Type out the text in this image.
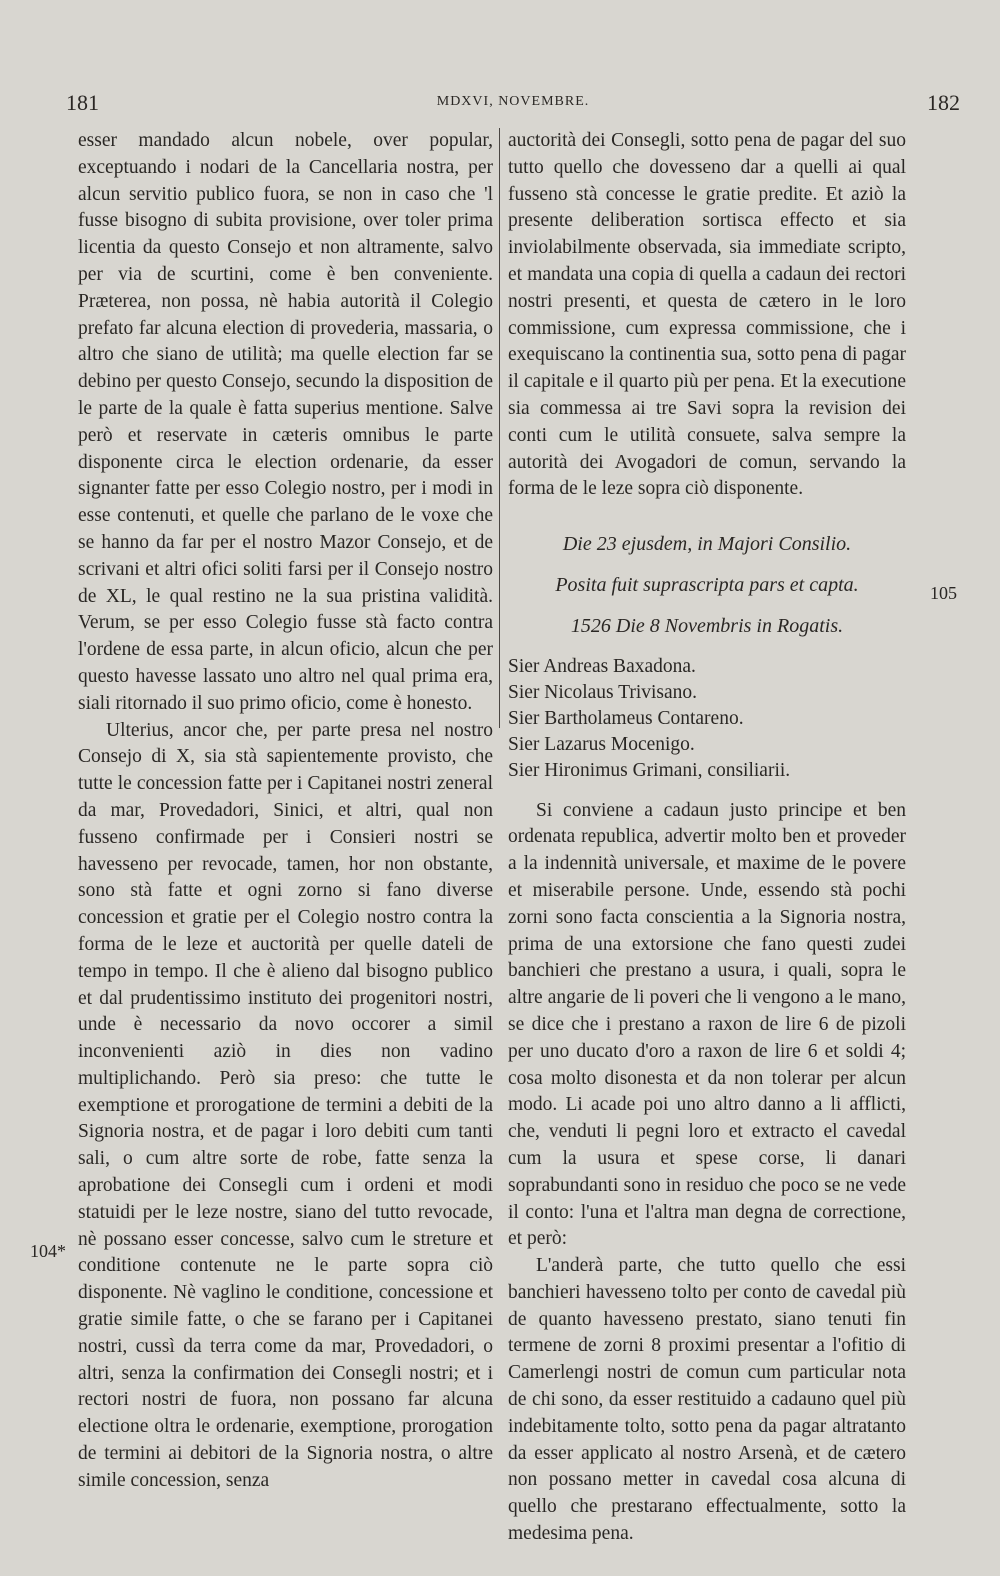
181	MDXVI, NOVEMBRE.	182

esser mandado alcun nobele, over popular, exceptuando i nodari de la Cancellaria nostra, per alcun servitio publico fuora, se non in caso che 'l fusse bisogno di subita provisione, over toler prima licentia da questo Consejo et non altramente, salvo per via de scurtini, come è ben conveniente. Præterea, non possa, nè habia autorità il Colegio prefato far alcuna election di provederia, massaria, o altro che siano de utilità; ma quelle election far se debino per questo Consejo, secundo la disposition de le parte de la quale è fatta superius mentione. Salve però et reservate in cæteris omnibus le parte disponente circa le election ordenarie, da esser signanter fatte per esso Colegio nostro, per i modi in esse contenuti, et quelle che parlano de le voxe che se hanno da far per el nostro Mazor Consejo, et de scrivani et altri ofici soliti farsi per il Consejo nostro de XL, le qual restino ne la sua pristina validità. Verum, se per esso Colegio fusse stà facto contra l'ordene de essa parte, in alcun oficio, alcun che per questo havesse lassato uno altro nel qual prima era, siali ritornado il suo primo oficio, come è honesto.

Ulterius, ancor che, per parte presa nel nostro Consejo di X, sia stà sapientemente provisto, che tutte le concession fatte per i Capitanei nostri zeneral da mar, Provedadori, Sinici, et altri, qual non fusseno confirmade per i Consieri nostri se havesseno per revocade, tamen, hor non obstante, sono stà fatte et ogni zorno si fano diverse concession et gratie per el Colegio nostro contra la forma de le leze et auctorità per quelle dateli de tempo in tempo. Il che è alieno dal bisogno publico et dal prudentissimo instituto dei progenitori nostri, unde è necessario da novo occorer a simil inconvenienti aziò in dies non vadino multiplichando. Però sia preso: che tutte le exemptione et prorogatione de termini a debiti de la Signoria nostra, et de pagar i loro debiti cum tanti sali, o cum altre sorte de robe, fatte senza la aprobatione dei Consegli cum i ordeni et modi statuidi per le leze nostre, siano del tutto revocade, nè possano esser concesse, salvo cum le streture et conditione contenute ne le parte sopra ciò disponente. Nè vaglino le conditione, concessione et gratie simile fatte, o che se farano per i Capitanei nostri, cussì da terra come da mar, Provedadori, o altri, senza la confirmation dei Consegli nostri; et i rectori nostri de fuora, non possano far alcuna electione oltra le ordenarie, exemptione, prorogation de termini ai debitori de la Signoria nostra, o altre simile concession, senza

auctorità dei Consegli, sotto pena de pagar del suo tutto quello che dovesseno dar a quelli ai qual fusseno stà concesse le gratie predite. Et aziò la presente deliberation sortisca effecto et sia inviolabilmente observada, sia immediate scripto, et mandata una copia di quella a cadaun dei rectori nostri presenti, et questa de cætero in le loro commissione, cum expressa commissione, che i exequiscano la continentia sua, sotto pena di pagar il capitale e il quarto più per pena. Et la executione sia commessa ai tre Savi sopra la revision dei conti cum le utilità consuete, salva sempre la autorità dei Avogadori de comun, servando la forma de le leze sopra ciò disponente.

Die 23 ejusdem, in Majori Consilio.

Posita fuit suprascripta pars et capta.

1526 Die 8 Novembris in Rogatis.

Sier Andreas Baxadona.

Sier Nicolaus Trivisano.

Sier Bartholameus Contareno.

Sier Lazarus Mocenigo.

Sier Hironimus Grimani, consiliarii.

Si conviene a cadaun justo principe et ben ordenata republica, advertir molto ben et proveder a la indennità universale, et maxime de le povere et miserabile persone. Unde, essendo stà pochi zorni sono facta conscientia a la Signoria nostra, prima de una extorsione che fano questi zudei banchieri che prestano a usura, i quali, sopra le altre angarie de li poveri che li vengono a le mano, se dice che i prestano a raxon de lire 6 de pizoli per uno ducato d'oro a raxon de lire 6 et soldi 4; cosa molto disonesta et da non tolerar per alcun modo. Li acade poi uno altro danno a li afflicti, che, venduti li pegni loro et extracto el cavedal cum la usura et spese corse, li danari soprabundanti sono in residuo che poco se ne vede il conto: l'una et l'altra man degna de correctione, et però:

L'anderà parte, che tutto quello che essi banchieri havesseno tolto per conto de cavedal più de quanto havesseno prestato, siano tenuti fin termene de zorni 8 proximi presentar a l'ofitio di Camerlengi nostri de comun cum particular nota de chi sono, da esser restituido a cadauno quel più indebitamente tolto, sotto pena da pagar altratanto da esser applicato al nostro Arsenà, et de cætero non possano metter in cavedal cosa alcuna di quello che prestarano effectualmente, sotto la medesima pena.

104*
105
